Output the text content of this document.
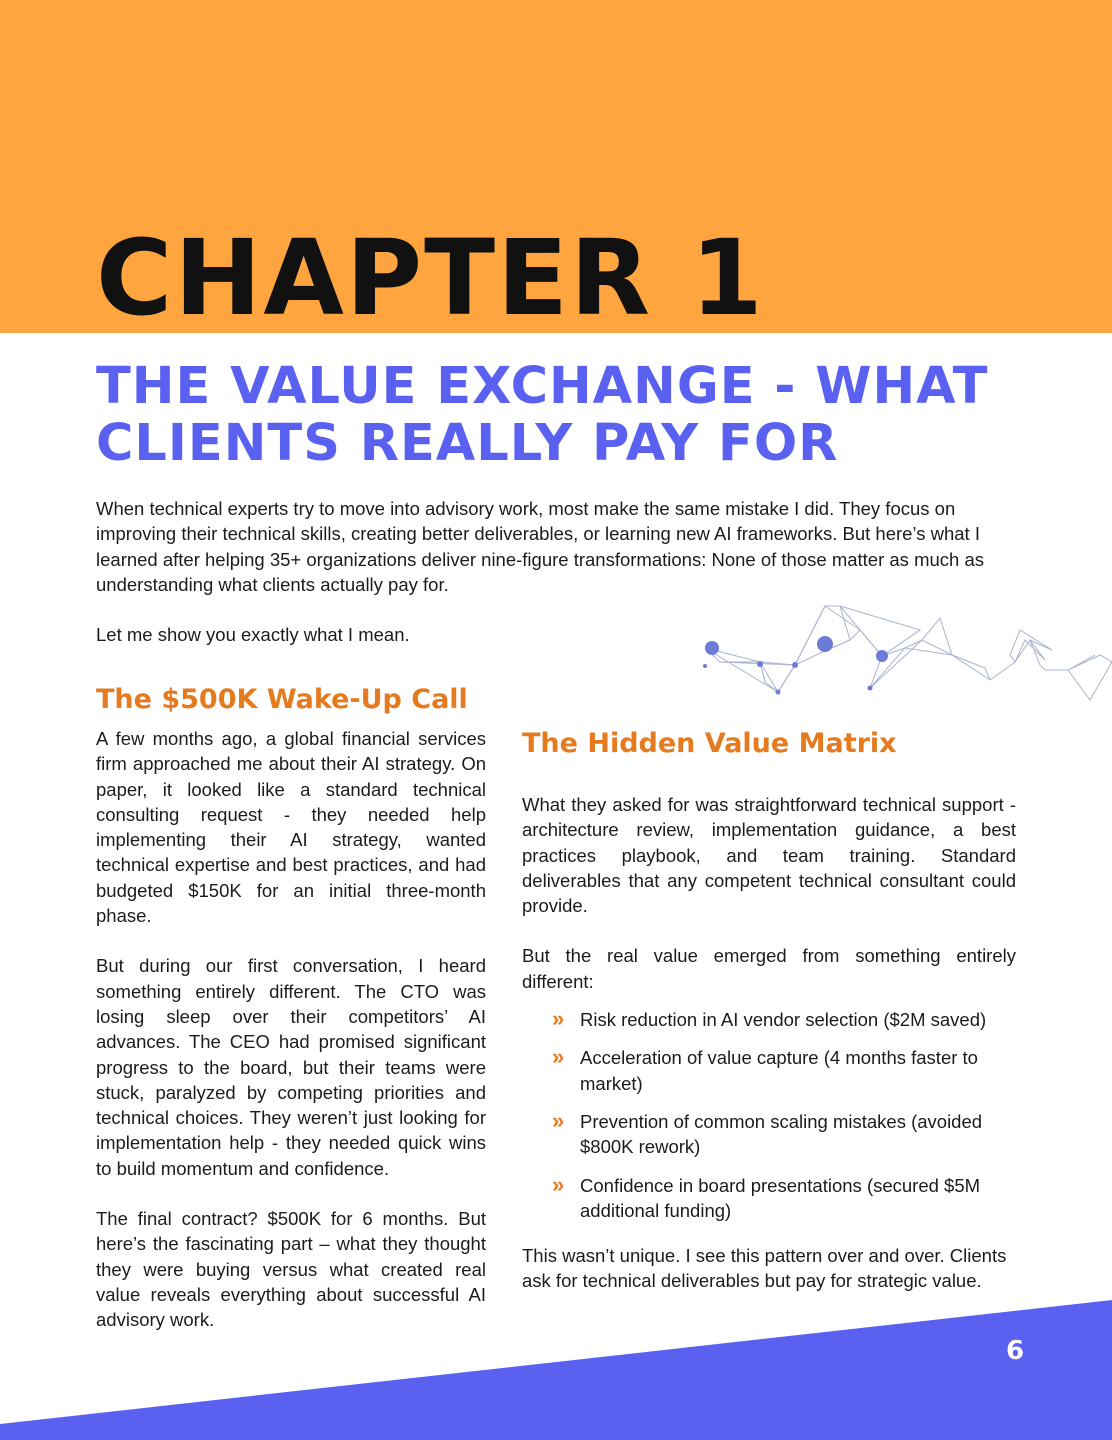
CHAPTER 1
THE VALUE EXCHANGE - WHAT CLIENTS REALLY PAY FOR

When technical experts try to move into advisory work, most make the same mistake I did. They focus on improving their technical skills, creating better deliverables, or learning new AI frameworks. But here’s what I learned after helping 35+ organizations deliver nine-figure transformations: None of those matter as much as understanding what clients actually pay for.

Let me show you exactly what I mean.

The $500K Wake-Up Call

A few months ago, a global financial services firm approached me about their AI strategy. On paper, it looked like a standard technical consulting request - they needed help implementing their AI strategy, wanted technical expertise and best practices, and had budgeted $150K for an initial three-month phase.

But during our first conversation, I heard something entirely different. The CTO was losing sleep over their competitors’ AI advances. The CEO had promised significant progress to the board, but their teams were stuck, paralyzed by competing priorities and technical choices. They weren’t just looking for implementation help - they needed quick wins to build momentum and confidence.

The final contract? $500K for 6 months. But here’s the fascinating part – what they thought they were buying versus what created real value reveals everything about successful AI advisory work.

The Hidden Value Matrix

What they asked for was straightforward technical support - architecture review, implementation guidance, a best practices playbook, and team training. Standard deliverables that any competent technical consultant could provide.

But the real value emerged from something entirely different:

» Risk reduction in AI vendor selection ($2M saved)
» Acceleration of value capture (4 months faster to market)
» Prevention of common scaling mistakes (avoided $800K rework)
» Confidence in board presentations (secured $5M additional funding)

This wasn’t unique. I see this pattern over and over. Clients ask for technical deliverables but pay for strategic value.

6
